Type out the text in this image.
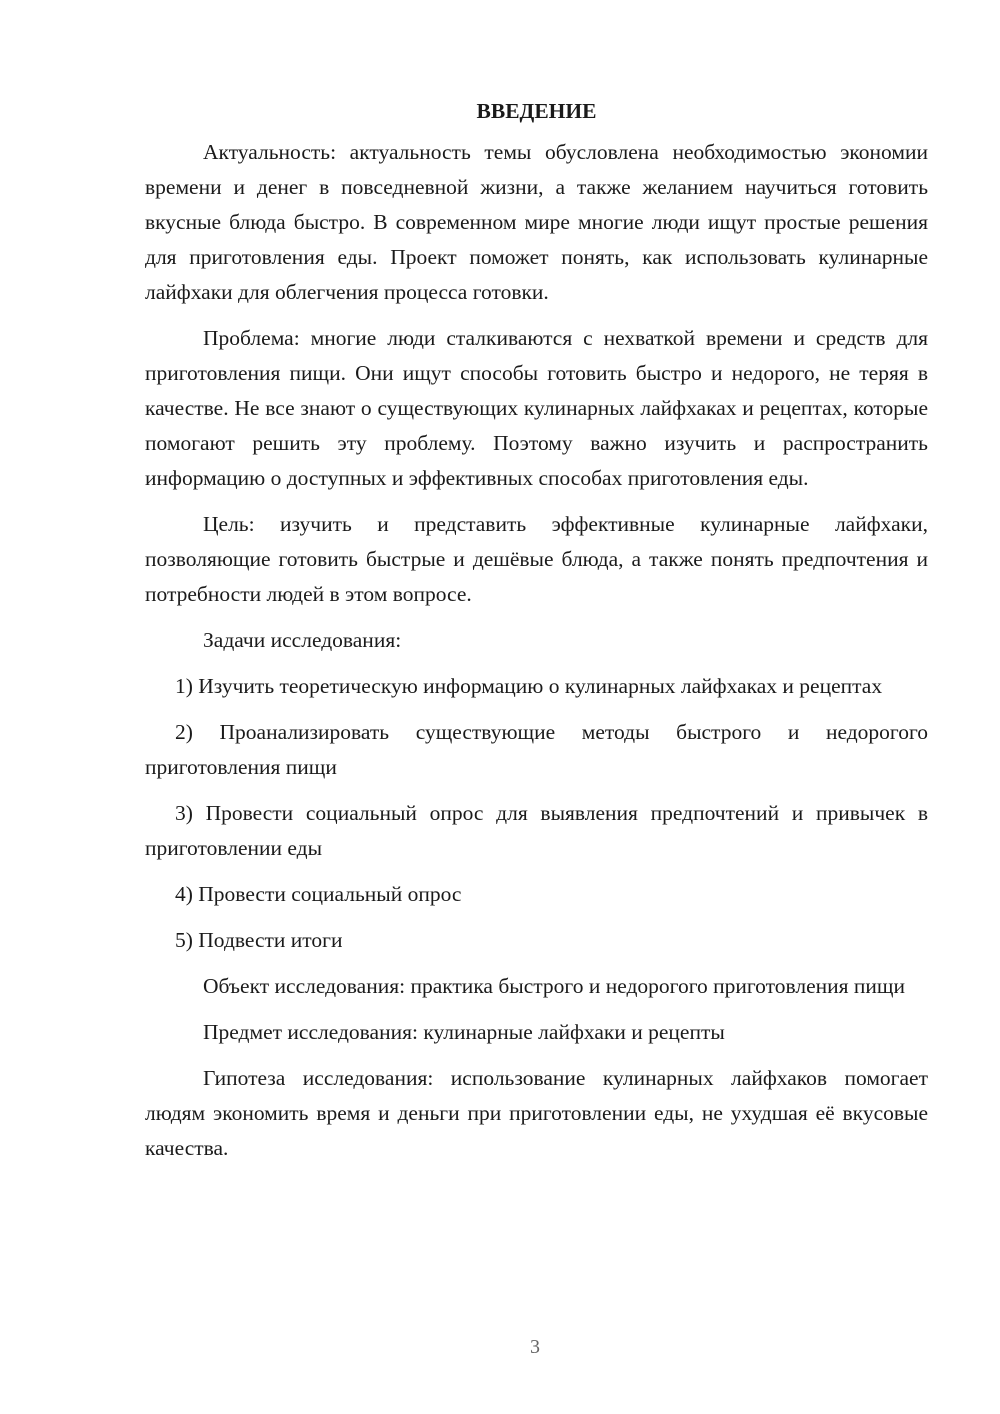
ВВЕДЕНИЕ

Актуальность: актуальность темы обусловлена необходимостью экономии времени и денег в повседневной жизни, а также желанием научиться готовить вкусные блюда быстро. В современном мире многие люди ищут простые решения для приготовления еды. Проект поможет понять, как использовать кулинарные лайфхаки для облегчения процесса готовки.

Проблема: многие люди сталкиваются с нехваткой времени и средств для приготовления пищи. Они ищут способы готовить быстро и недорого, не теряя в качестве. Не все знают о существующих кулинарных лайфхаках и рецептах, которые помогают решить эту проблему. Поэтому важно изучить и распространить информацию о доступных и эффективных способах приготовления еды.

Цель: изучить и представить эффективные кулинарные лайфхаки, позволяющие готовить быстрые и дешёвые блюда, а также понять предпочтения и потребности людей в этом вопросе.

Задачи исследования:

1) Изучить теоретическую информацию о кулинарных лайфхаках и рецептах

2) Проанализировать существующие методы быстрого и недорогого приготовления пищи

3) Провести социальный опрос для выявления предпочтений и привычек в приготовлении еды

4) Провести социальный опрос

5) Подвести итоги

Объект исследования: практика быстрого и недорогого приготовления пищи

Предмет исследования: кулинарные лайфхаки и рецепты

Гипотеза исследования: использование кулинарных лайфхаков помогает людям экономить время и деньги при приготовлении еды, не ухудшая её вкусовые качества.

3
